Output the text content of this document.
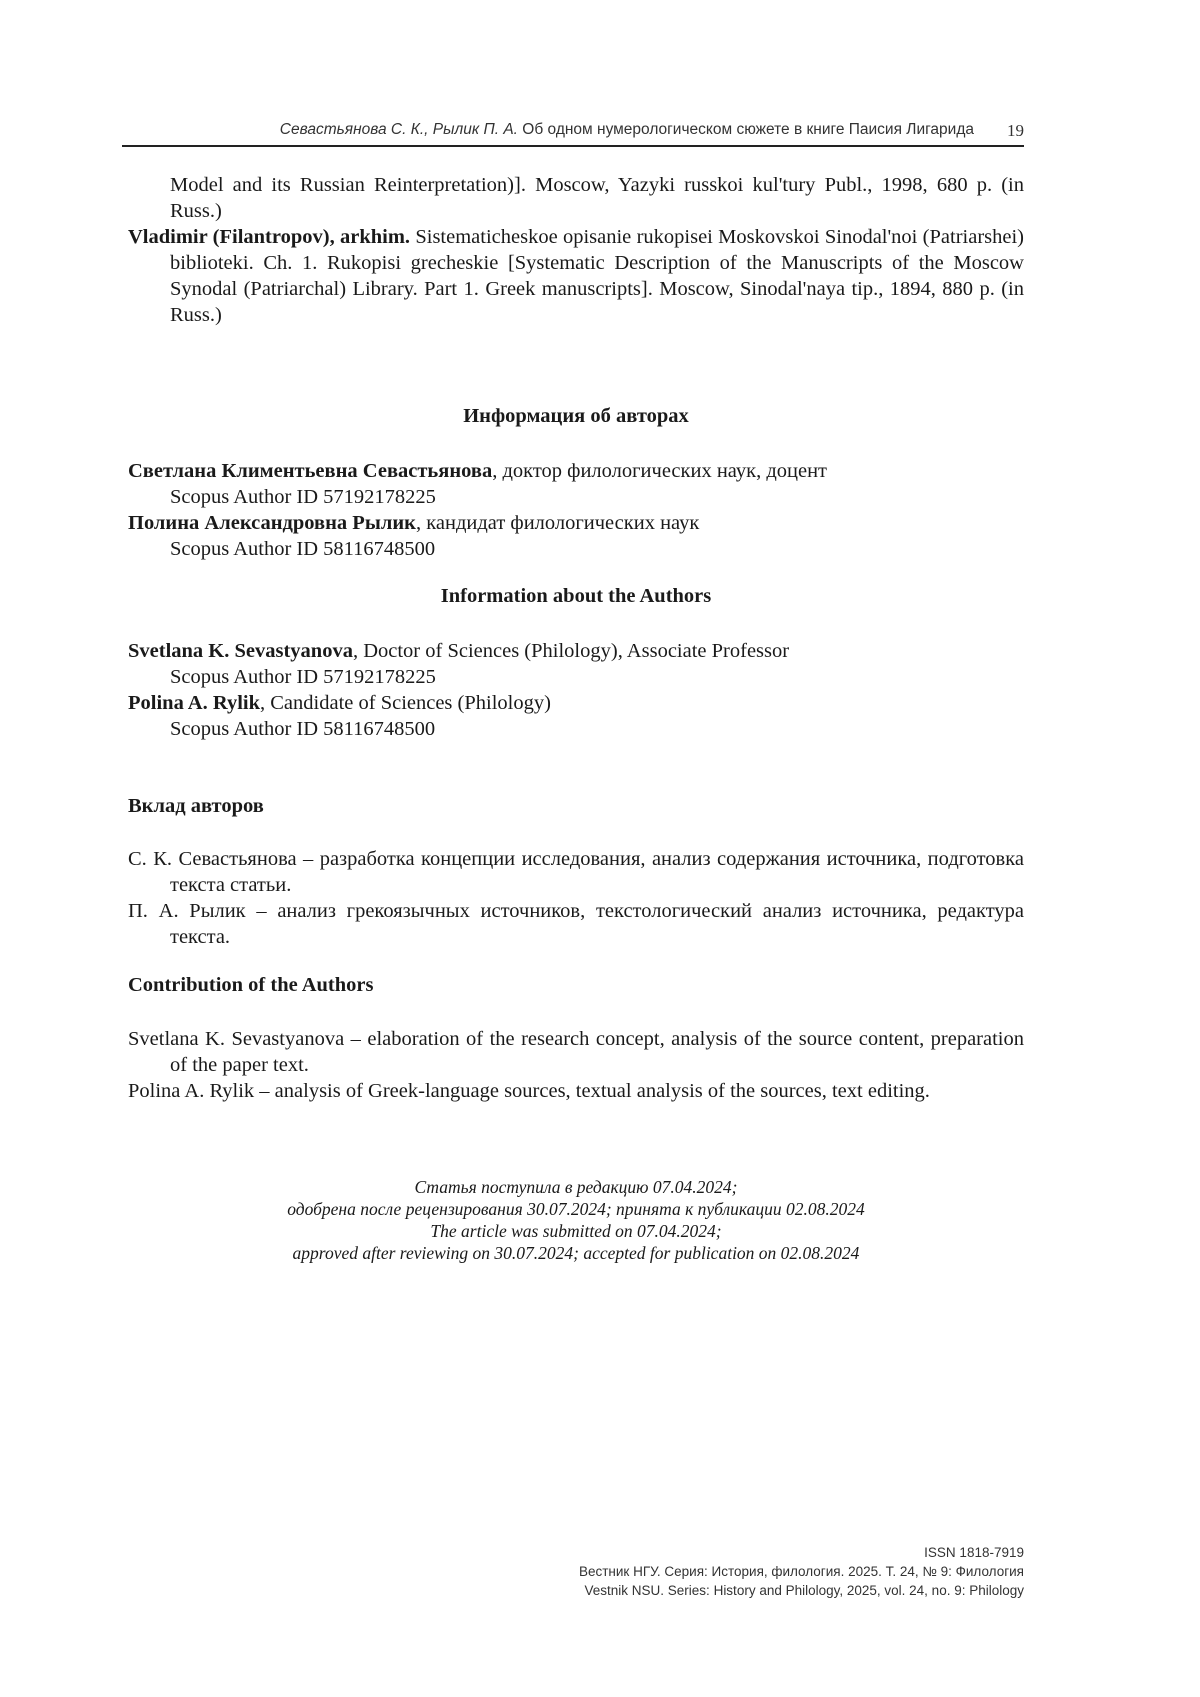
Севастьянова С. К., Рылик П. А. Об одном нумерологическом сюжете в книге Паисия Лигарида 19

Model and its Russian Reinterpretation)]. Moscow, Yazyki russkoi kul'tury Publ., 1998, 680 p. (in Russ.)

Vladimir (Filantropov), arkhim. Sistematicheskoe opisanie rukopisei Moskovskoi Sinodal'noi (Patriarshei) biblioteki. Ch. 1. Rukopisi grecheskie [Systematic Description of the Manuscripts of the Moscow Synodal (Patriarchal) Library. Part 1. Greek manuscripts]. Moscow, Sinodal'naya tip., 1894, 880 p. (in Russ.)

Информация об авторах

Светлана Климентьевна Севастьянова, доктор филологических наук, доцент

Scopus Author ID 57192178225

Полина Александровна Рылик, кандидат филологических наук

Scopus Author ID 58116748500

Information about the Authors

Svetlana K. Sevastyanova, Doctor of Sciences (Philology), Associate Professor

Scopus Author ID 57192178225

Polina A. Rylik, Candidate of Sciences (Philology)

Scopus Author ID 58116748500

Вклад авторов

С. К. Севастьянова – разработка концепции исследования, анализ содержания источника, подготовка текста статьи.

П. А. Рылик – анализ грекоязычных источников, текстологический анализ источника, редактура текста.

Contribution of the Authors

Svetlana K. Sevastyanova – elaboration of the research concept, analysis of the source content, preparation of the paper text.

Polina A. Rylik – analysis of Greek-language sources, textual analysis of the sources, text editing.

Статья поступила в редакцию 07.04.2024;
одобрена после рецензирования 30.07.2024; принята к публикации 02.08.2024
The article was submitted on 07.04.2024;
approved after reviewing on 30.07.2024; accepted for publication on 02.08.2024
ISSN 1818-7919
Вестник НГУ. Серия: История, филология. 2025. Т. 24, № 9: Филология
Vestnik NSU. Series: History and Philology, 2025, vol. 24, no. 9: Philology
